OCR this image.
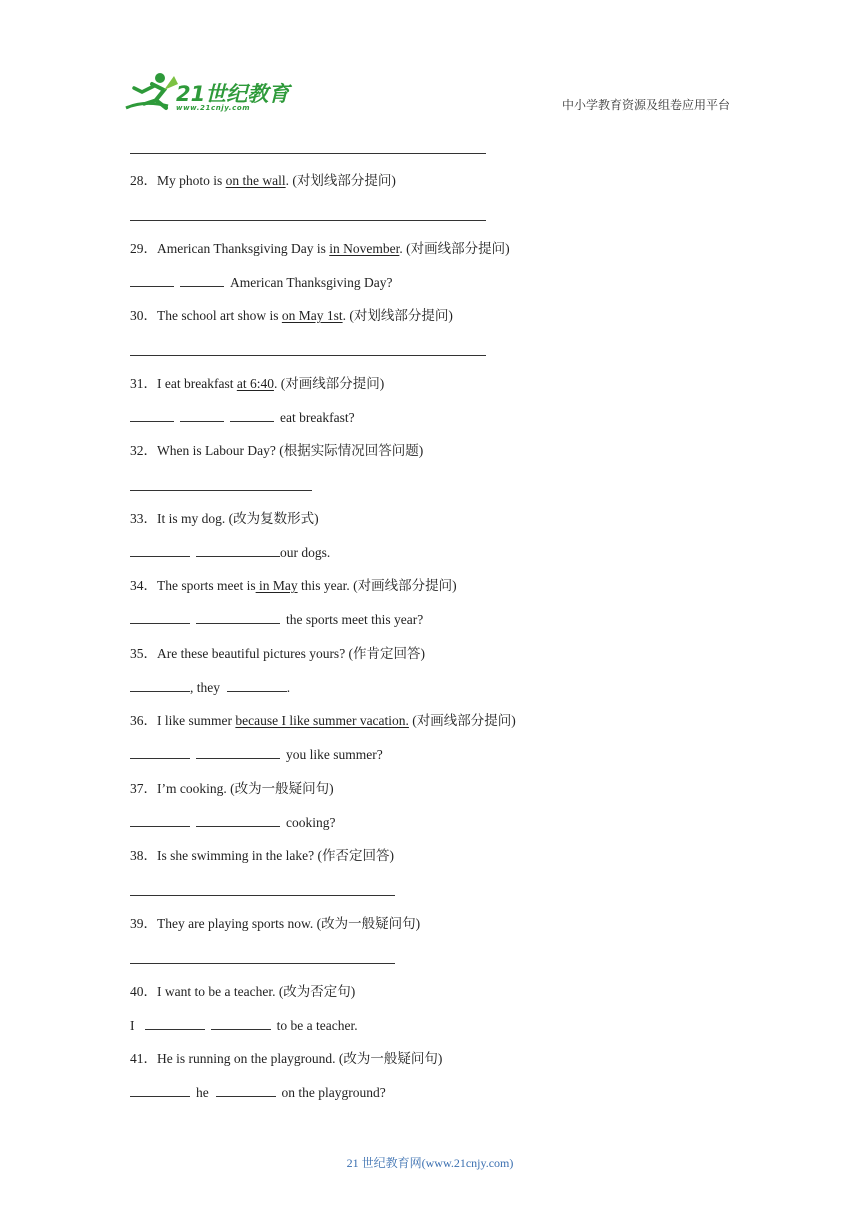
21世纪教育
www.21cnjy.com	中小学教育资源及组卷应用平台
28．My photo is on the wall. (对划线部分提问)
29．American Thanksgiving Day is in November. (对画线部分提问)
American Thanksgiving Day?
30．The school art show is on May 1st. (对划线部分提问)
31．I eat breakfast at 6:40. (对画线部分提问)
eat breakfast?
32．When is Labour Day? (根据实际情况回答问题)
33．It is my dog. (改为复数形式)
our dogs.
34．The sports meet is in May this year. (对画线部分提问)
the sports meet this year?
35．Are these beautiful pictures yours? (作肯定回答)
, they	.
36．I like summer because I like summer vacation. (对画线部分提问)
you like summer?
37．I’m cooking. (改为一般疑问句)
cooking?
38．Is she swimming in the lake? (作否定回答)
39．They are playing sports now. (改为一般疑问句)
40．I want to be a teacher. (改为否定句)
I	to be a teacher.
41．He is running on the playground. (改为一般疑问句)
he	on the playground?
21 世纪教育网(www.21cnjy.com)
